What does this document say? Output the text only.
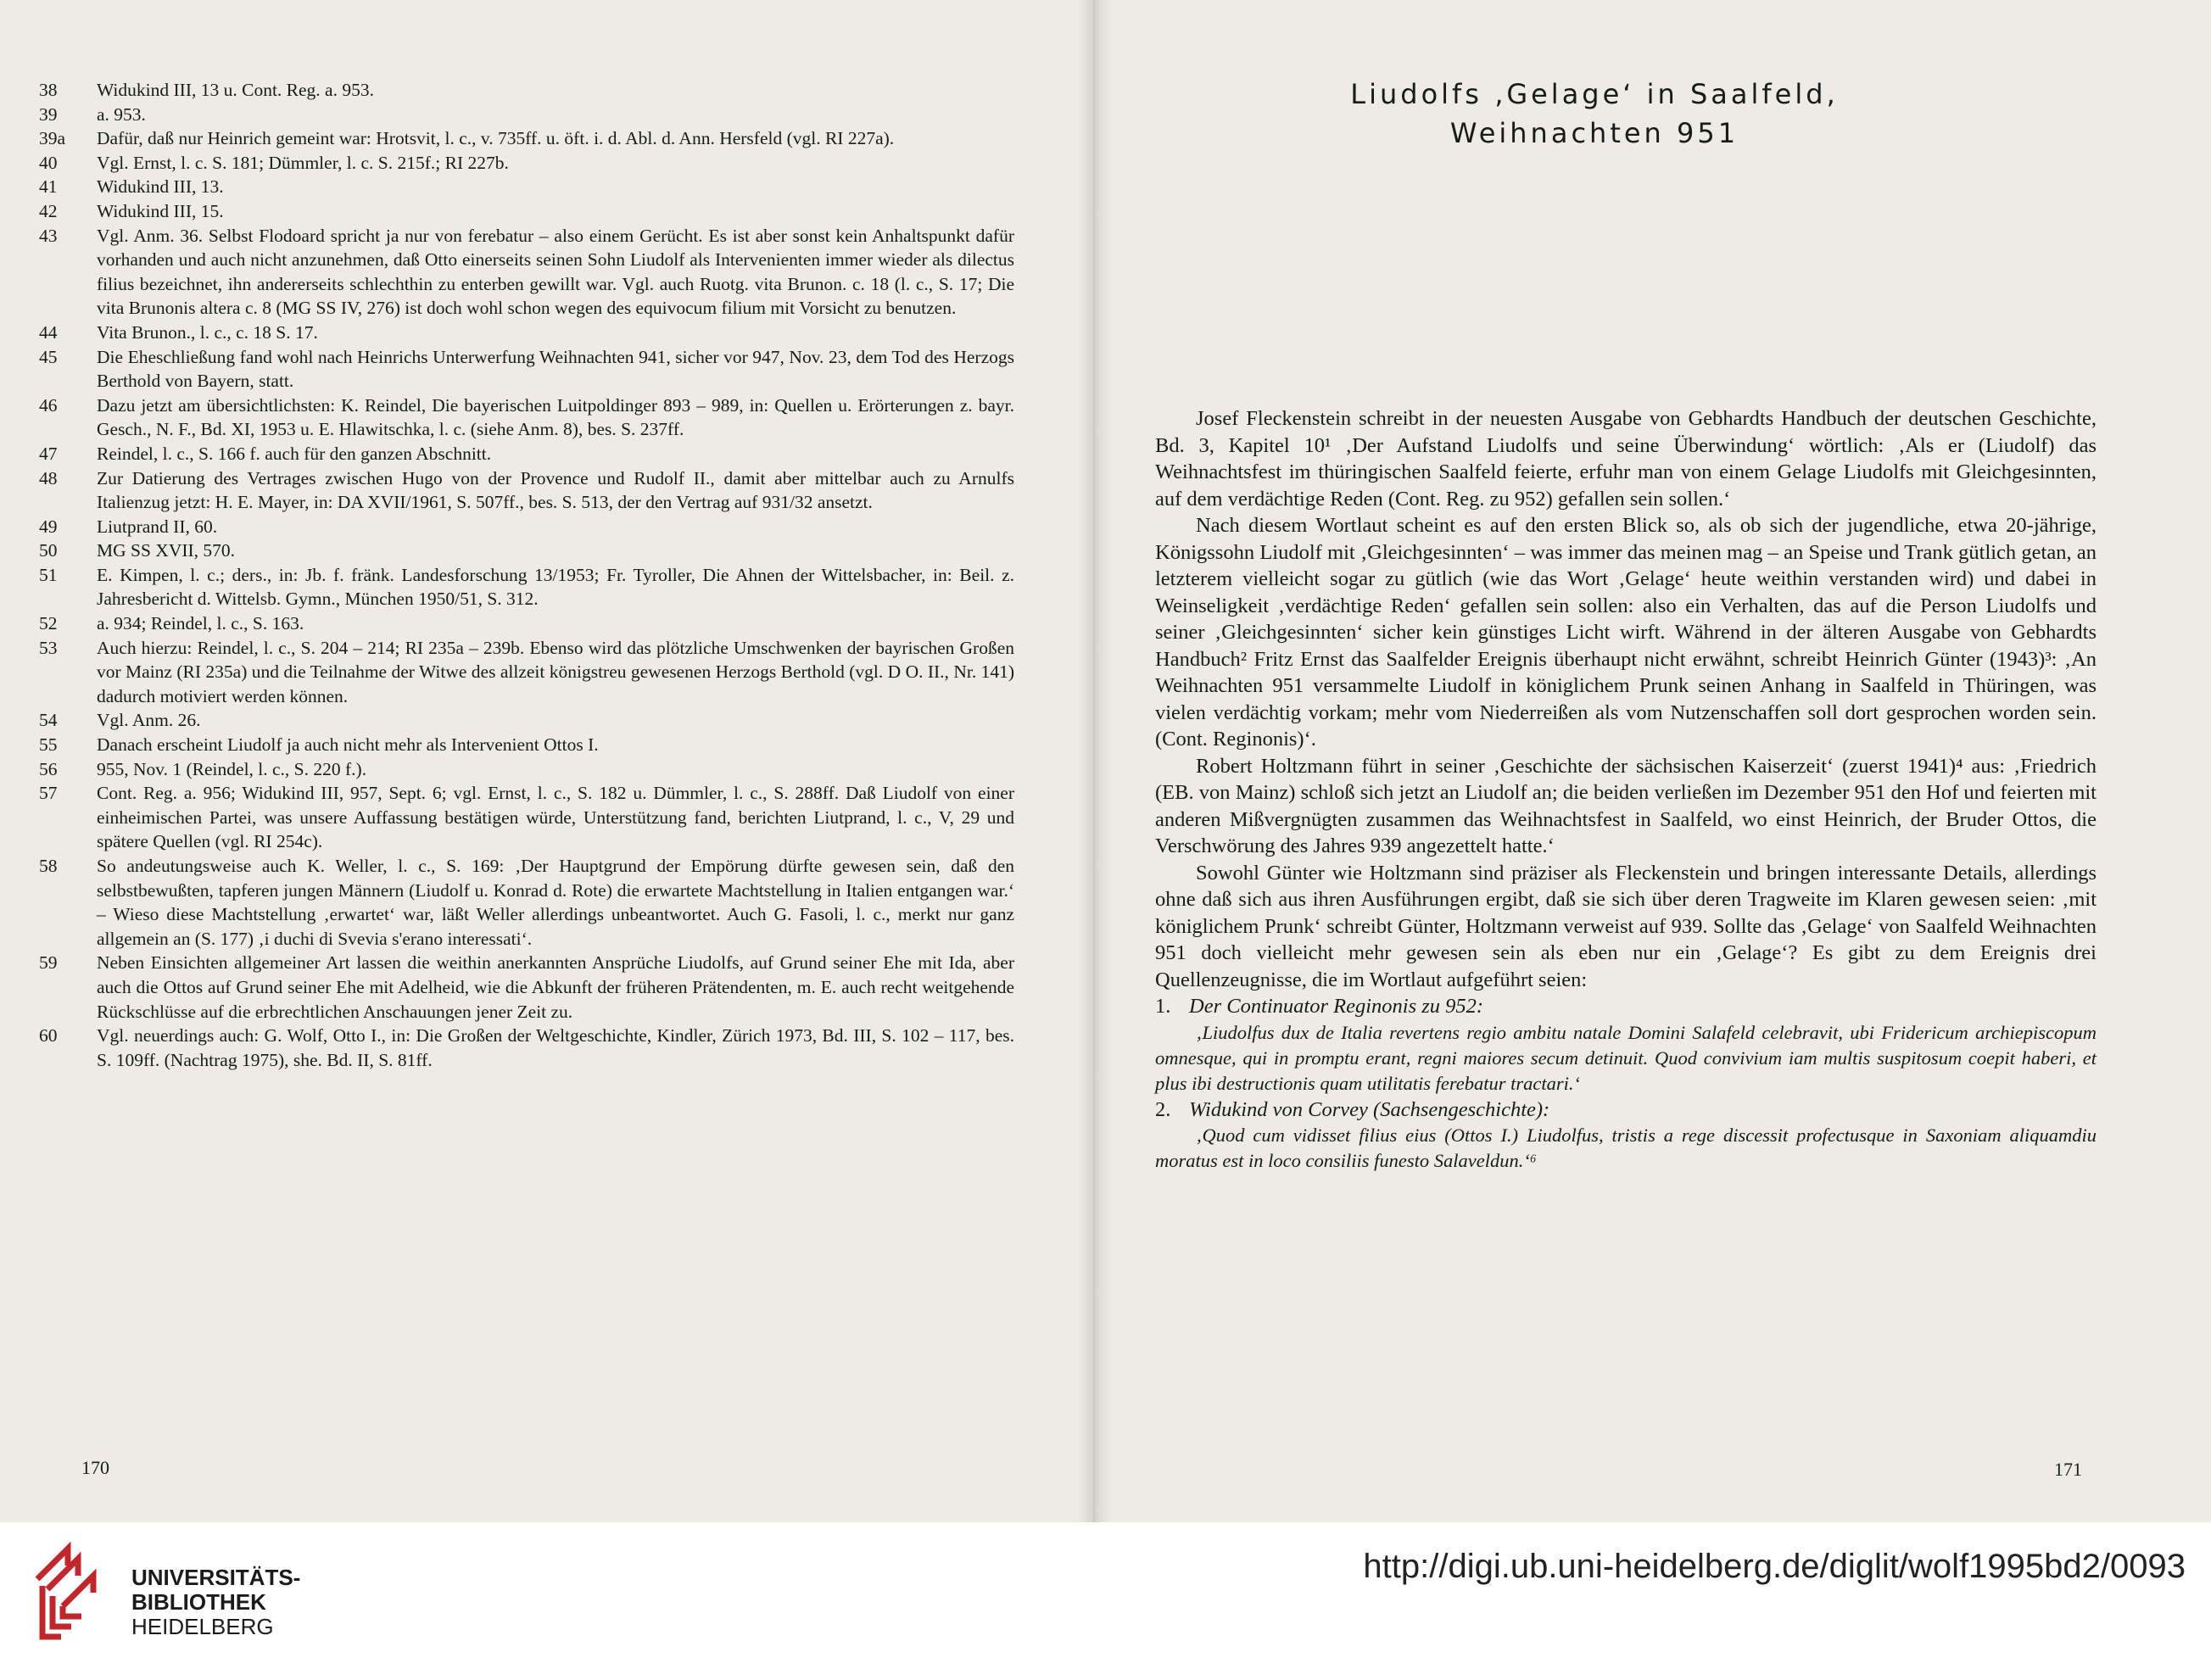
38	Widukind III, 13 u. Cont. Reg. a. 953.
39	a. 953.
39a	Dafür, daß nur Heinrich gemeint war: Hrotsvit, l. c., v. 735ff. u. öft. i. d. Abl. d. Ann. Hersfeld (vgl. RI 227a).
40	Vgl. Ernst, l. c. S. 181; Dümmler, l. c. S. 215f.; RI 227b.
41	Widukind III, 13.
42	Widukind III, 15.
43	Vgl. Anm. 36. Selbst Flodoard spricht ja nur von ferebatur – also einem Gerücht. Es ist aber sonst kein Anhaltspunkt dafür vorhanden und auch nicht anzunehmen, daß Otto einerseits seinen Sohn Liudolf als Intervenienten immer wieder als dilectus filius bezeichnet, ihn andererseits schlechthin zu enterben gewillt war. Vgl. auch Ruotg. vita Brunon. c. 18 (l. c., S. 17; Die vita Brunonis altera c. 8 (MG SS IV, 276) ist doch wohl schon wegen des equivocum filium mit Vorsicht zu benutzen.
44	Vita Brunon., l. c., c. 18 S. 17.
45	Die Eheschließung fand wohl nach Heinrichs Unterwerfung Weihnachten 941, sicher vor 947, Nov. 23, dem Tod des Herzogs Berthold von Bayern, statt.
46	Dazu jetzt am übersichtlichsten: K. Reindel, Die bayerischen Luitpoldinger 893 – 989, in: Quellen u. Erörterungen z. bayr. Gesch., N. F., Bd. XI, 1953 u. E. Hlawitschka, l. c. (siehe Anm. 8), bes. S. 237ff.
47	Reindel, l. c., S. 166 f. auch für den ganzen Abschnitt.
48	Zur Datierung des Vertrages zwischen Hugo von der Provence und Rudolf II., damit aber mittelbar auch zu Arnulfs Italienzug jetzt: H. E. Mayer, in: DA XVII/1961, S. 507ff., bes. S. 513, der den Vertrag auf 931/32 ansetzt.
49	Liutprand II, 60.
50	MG SS XVII, 570.
51	E. Kimpen, l. c.; ders., in: Jb. f. fränk. Landesforschung 13/1953; Fr. Tyroller, Die Ahnen der Wittelsbacher, in: Beil. z. Jahresbericht d. Wittelsb. Gymn., München 1950/51, S. 312.
52	a. 934; Reindel, l. c., S. 163.
53	Auch hierzu: Reindel, l. c., S. 204 – 214; RI 235a – 239b. Ebenso wird das plötzliche Umschwenken der bayrischen Großen vor Mainz (RI 235a) und die Teilnahme der Witwe des allzeit königstreu gewesenen Herzogs Berthold (vgl. D O. II., Nr. 141) dadurch motiviert werden können.
54	Vgl. Anm. 26.
55	Danach erscheint Liudolf ja auch nicht mehr als Intervenient Ottos I.
56	955, Nov. 1 (Reindel, l. c., S. 220 f.).
57	Cont. Reg. a. 956; Widukind III, 957, Sept. 6; vgl. Ernst, l. c., S. 182 u. Dümmler, l. c., S. 288ff. Daß Liudolf von einer einheimischen Partei, was unsere Auffassung bestätigen würde, Unterstützung fand, berichten Liutprand, l. c., V, 29 und spätere Quellen (vgl. RI 254c).
58	So andeutungsweise auch K. Weller, l. c., S. 169: ‚Der Hauptgrund der Empörung dürfte gewesen sein, daß den selbstbewußten, tapferen jungen Männern (Liudolf u. Konrad d. Rote) die erwartete Machtstellung in Italien entgangen war.‘ – Wieso diese Machtstellung ‚erwartet‘ war, läßt Weller allerdings unbeantwortet. Auch G. Fasoli, l. c., merkt nur ganz allgemein an (S. 177) ‚i duchi di Svevia s'erano interessati‘.
59	Neben Einsichten allgemeiner Art lassen die weithin anerkannten Ansprüche Liudolfs, auf Grund seiner Ehe mit Ida, aber auch die Ottos auf Grund seiner Ehe mit Adelheid, wie die Abkunft der früheren Prätendenten, m. E. auch recht weitgehende Rückschlüsse auf die erbrechtlichen Anschauungen jener Zeit zu.
60	Vgl. neuerdings auch: G. Wolf, Otto I., in: Die Großen der Weltgeschichte, Kindler, Zürich 1973, Bd. III, S. 102 – 117, bes. S. 109ff. (Nachtrag 1975), she. Bd. II, S. 81ff.
170
Liudolfs ‚Gelage‘ in Saalfeld,
Weihnachten 951

Josef Fleckenstein schreibt in der neuesten Ausgabe von Gebhardts Handbuch der deutschen Geschichte, Bd. 3, Kapitel 10¹ ‚Der Aufstand Liudolfs und seine Überwindung‘ wörtlich: ‚Als er (Liudolf) das Weihnachtsfest im thüringischen Saalfeld feierte, erfuhr man von einem Gelage Liudolfs mit Gleichgesinnten, auf dem verdächtige Reden (Cont. Reg. zu 952) gefallen sein sollen.‘

Nach diesem Wortlaut scheint es auf den ersten Blick so, als ob sich der jugendliche, etwa 20-jährige, Königssohn Liudolf mit ‚Gleichgesinnten‘ – was immer das meinen mag – an Speise und Trank gütlich getan, an letzterem vielleicht sogar zu gütlich (wie das Wort ‚Gelage‘ heute weithin verstanden wird) und dabei in Weinseligkeit ‚verdächtige Reden‘ gefallen sein sollen: also ein Verhalten, das auf die Person Liudolfs und seiner ‚Gleichgesinnten‘ sicher kein günstiges Licht wirft. Während in der älteren Ausgabe von Gebhardts Handbuch² Fritz Ernst das Saalfelder Ereignis überhaupt nicht erwähnt, schreibt Heinrich Günter (1943)³: ‚An Weihnachten 951 versammelte Liudolf in königlichem Prunk seinen Anhang in Saalfeld in Thüringen, was vielen verdächtig vorkam; mehr vom Niederreißen als vom Nutzenschaffen soll dort gesprochen worden sein. (Cont. Reginonis)‘.

Robert Holtzmann führt in seiner ‚Geschichte der sächsischen Kaiserzeit‘ (zuerst 1941)⁴ aus: ‚Friedrich (EB. von Mainz) schloß sich jetzt an Liudolf an; die beiden verließen im Dezember 951 den Hof und feierten mit anderen Mißvergnügten zusammen das Weihnachtsfest in Saalfeld, wo einst Heinrich, der Bruder Ottos, die Verschwörung des Jahres 939 angezettelt hatte.‘

Sowohl Günter wie Holtzmann sind präziser als Fleckenstein und bringen interessante Details, allerdings ohne daß sich aus ihren Ausführungen ergibt, daß sie sich über deren Tragweite im Klaren gewesen seien: ‚mit königlichem Prunk‘ schreibt Günter, Holtzmann verweist auf 939. Sollte das ‚Gelage‘ von Saalfeld Weihnachten 951 doch vielleicht mehr gewesen sein als eben nur ein ‚Gelage‘? Es gibt zu dem Ereignis drei Quellenzeugnisse, die im Wortlaut aufgeführt seien:

1. Der Continuator Reginonis zu 952:

‚Liudolfus dux de Italia revertens regio ambitu natale Domini Salafeld celebravit, ubi Fridericum archiepiscopum omnesque, qui in promptu erant, regni maiores secum detinuit. Quod convivium iam multis suspitosum coepit haberi, et plus ibi destructionis quam utilitatis ferebatur tractari.‘

2. Widukind von Corvey (Sachsengeschichte):

‚Quod cum vidisset filius eius (Ottos I.) Liudolfus, tristis a rege discessit profectusque in Saxoniam aliquamdiu moratus est in loco consiliis funesto Salaveldun.‘⁶

171
UNIVERSITÄTS-
BIBLIOTHEK
HEIDELBERG
http://digi.ub.uni-heidelberg.de/diglit/wolf1995bd2/0093
